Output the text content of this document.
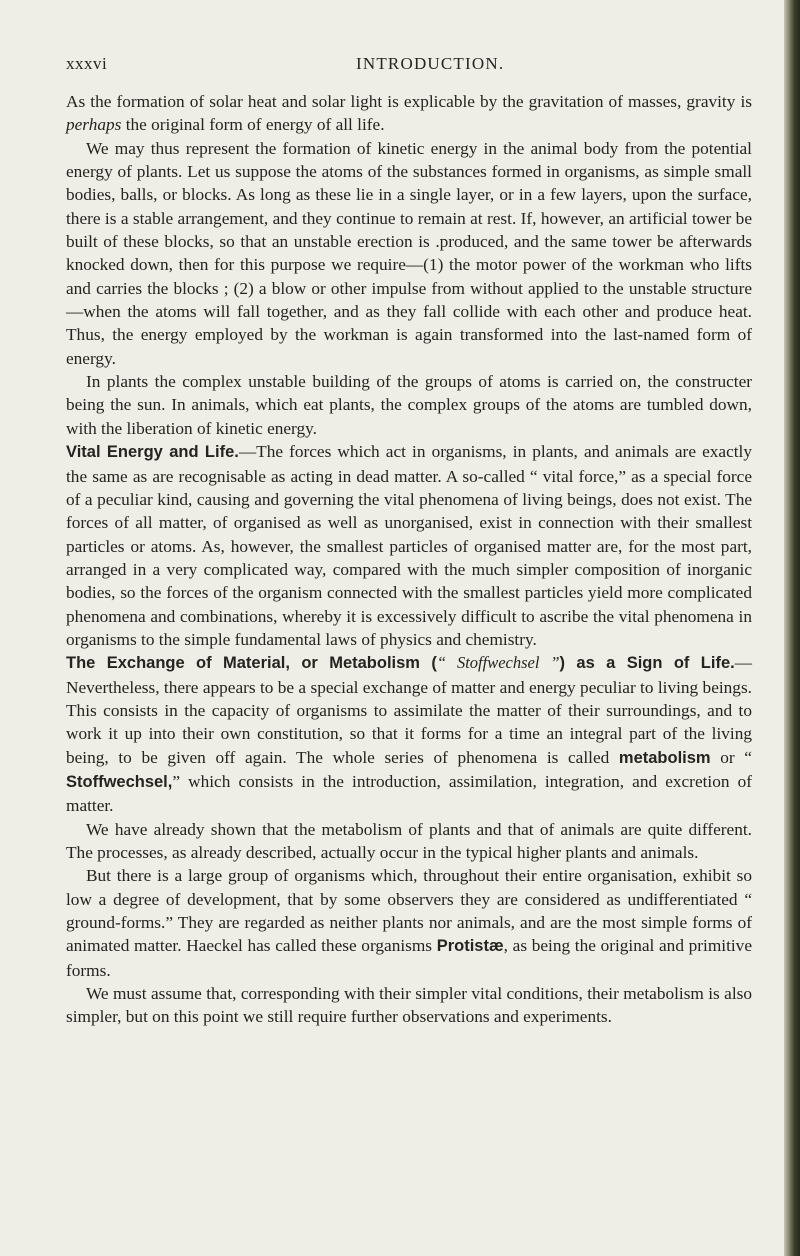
xxxvi	INTRODUCTION.

As the formation of solar heat and solar light is explicable by the gravitation of masses, gravity is perhaps the original form of energy of all life.

We may thus represent the formation of kinetic energy in the animal body from the potential energy of plants. Let us suppose the atoms of the substances formed in organisms, as simple small bodies, balls, or blocks. As long as these lie in a single layer, or in a few layers, upon the surface, there is a stable arrangement, and they continue to remain at rest. If, however, an artificial tower be built of these blocks, so that an unstable erection is .produced, and the same tower be afterwards knocked down, then for this purpose we require—(1) the motor power of the workman who lifts and carries the blocks ; (2) a blow or other impulse from without applied to the unstable structure—when the atoms will fall together, and as they fall collide with each other and produce heat. Thus, the energy employed by the workman is again transformed into the last-named form of energy.

In plants the complex unstable building of the groups of atoms is carried on, the constructer being the sun. In animals, which eat plants, the complex groups of the atoms are tumbled down, with the liberation of kinetic energy.

Vital Energy and Life.—The forces which act in organisms, in plants, and animals are exactly the same as are recognisable as acting in dead matter. A so-called “ vital force,” as a special force of a peculiar kind, causing and governing the vital phenomena of living beings, does not exist. The forces of all matter, of organised as well as unorganised, exist in connection with their smallest particles or atoms. As, however, the smallest particles of organised matter are, for the most part, arranged in a very complicated way, compared with the much simpler composition of inorganic bodies, so the forces of the organism connected with the smallest particles yield more complicated phenomena and combinations, whereby it is excessively difficult to ascribe the vital phenomena in organisms to the simple fundamental laws of physics and chemistry.

The Exchange of Material, or Metabolism (“ Stoffwechsel ”) as a Sign of Life.—Nevertheless, there appears to be a special exchange of matter and energy peculiar to living beings. This consists in the capacity of organisms to assimilate the matter of their surroundings, and to work it up into their own constitution, so that it forms for a time an integral part of the living being, to be given off again. The whole series of phenomena is called metabolism or “ Stoffwechsel,” which consists in the introduction, assimilation, integration, and excretion of matter.

We have already shown that the metabolism of plants and that of animals are quite different. The processes, as already described, actually occur in the typical higher plants and animals.

But there is a large group of organisms which, throughout their entire organisation, exhibit so low a degree of development, that by some observers they are considered as undifferentiated “ ground-forms.” They are regarded as neither plants nor animals, and are the most simple forms of animated matter. Haeckel has called these organisms Protistæ, as being the original and primitive forms.

We must assume that, corresponding with their simpler vital conditions, their metabolism is also simpler, but on this point we still require further observations and experiments.
